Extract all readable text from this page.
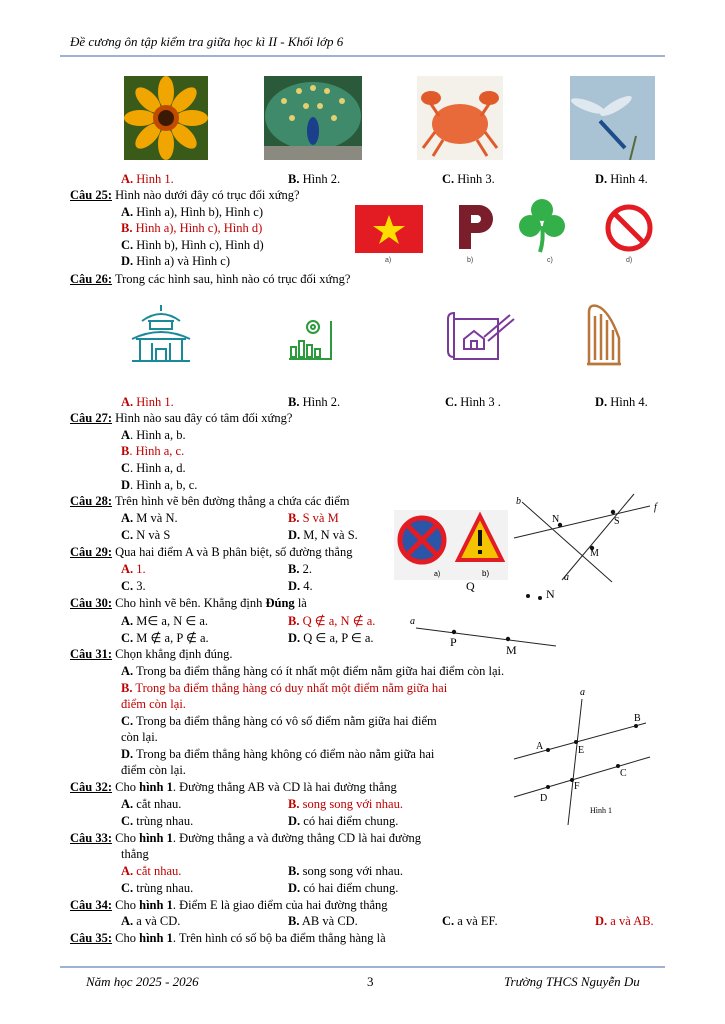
Đề cương ôn tập kiểm tra giữa học kì II - Khối lớp 6
A. Hình 1.	B. Hình 2.	C. Hình 3.	D. Hình 4.
Câu 25: Hình nào dưới đây có trục đối xứng?
A. Hình a), Hình b), Hình c)
B. Hình a), Hình c), Hình d)
C. Hình b), Hình c), Hình d)
D. Hình a) và Hình c)	a)	b)	c)	d)
Câu 26: Trong các hình sau, hình nào có trục đối xứng?
A. Hình 1.	B. Hình 2.	C. Hình 3 .	D. Hình 4.
Câu 27: Hình nào sau đây có tâm đối xứng?
A. Hình a, b.
B. Hình a, c.
C. Hình a, d.
D. Hình a, b, c.
Câu 28: Trên hình vẽ bên đường thẳng a chứa các điểm
A. M và N.	B. S và M
C. N và S	D. M, N và S.
b
f
N	S
M
a
Câu 29: Qua hai điểm A và B phân biệt, số đường thẳng
A. 1.	B. 2.
C. 3.	D. 4.
a)	b)
Q
N
a
P
M
Câu 30: Cho hình vẽ bên. Khẳng định Đúng là
A. M∈ a, N ∈ a.	B. Q ∉ a, N ∉ a.
C. M ∉ a, P ∉ a.	D. Q ∈ a, P ∈ a.
Câu 31: Chọn khẳng định đúng.
A. Trong ba điểm thẳng hàng có ít nhất một điểm nằm giữa hai điểm còn lại.
B. Trong ba điểm thẳng hàng có duy nhất một điểm nằm giữa hai
điểm còn lại.
C. Trong ba điểm thẳng hàng có vô số điểm nằm giữa hai điểm
còn lại.
D. Trong ba điểm thẳng hàng không có điểm nào nằm giữa hai
điểm còn lại.
a
B
A	E
C
F
D
Hình 1
Câu 32: Cho hình 1. Đường thẳng AB và CD là hai đường thẳng
A. cắt nhau.	B. song song với nhau.
C. trùng nhau.	D. có hai điểm chung.
Câu 33: Cho hình 1. Đường thẳng a và đường thẳng CD là hai đường
thẳng
A. cắt nhau.	B. song song với nhau.
C. trùng nhau.	D. có hai điểm chung.
Câu 34: Cho hình 1. Điểm E là giao điểm của hai đường thẳng
A. a và CD.	B. AB và CD.	C. a và EF.	D. a và AB.
Câu 35: Cho hình 1. Trên hình có số bộ ba điểm thẳng hàng là
Năm học 2025 - 2026	3	Trường THCS Nguyễn Du
